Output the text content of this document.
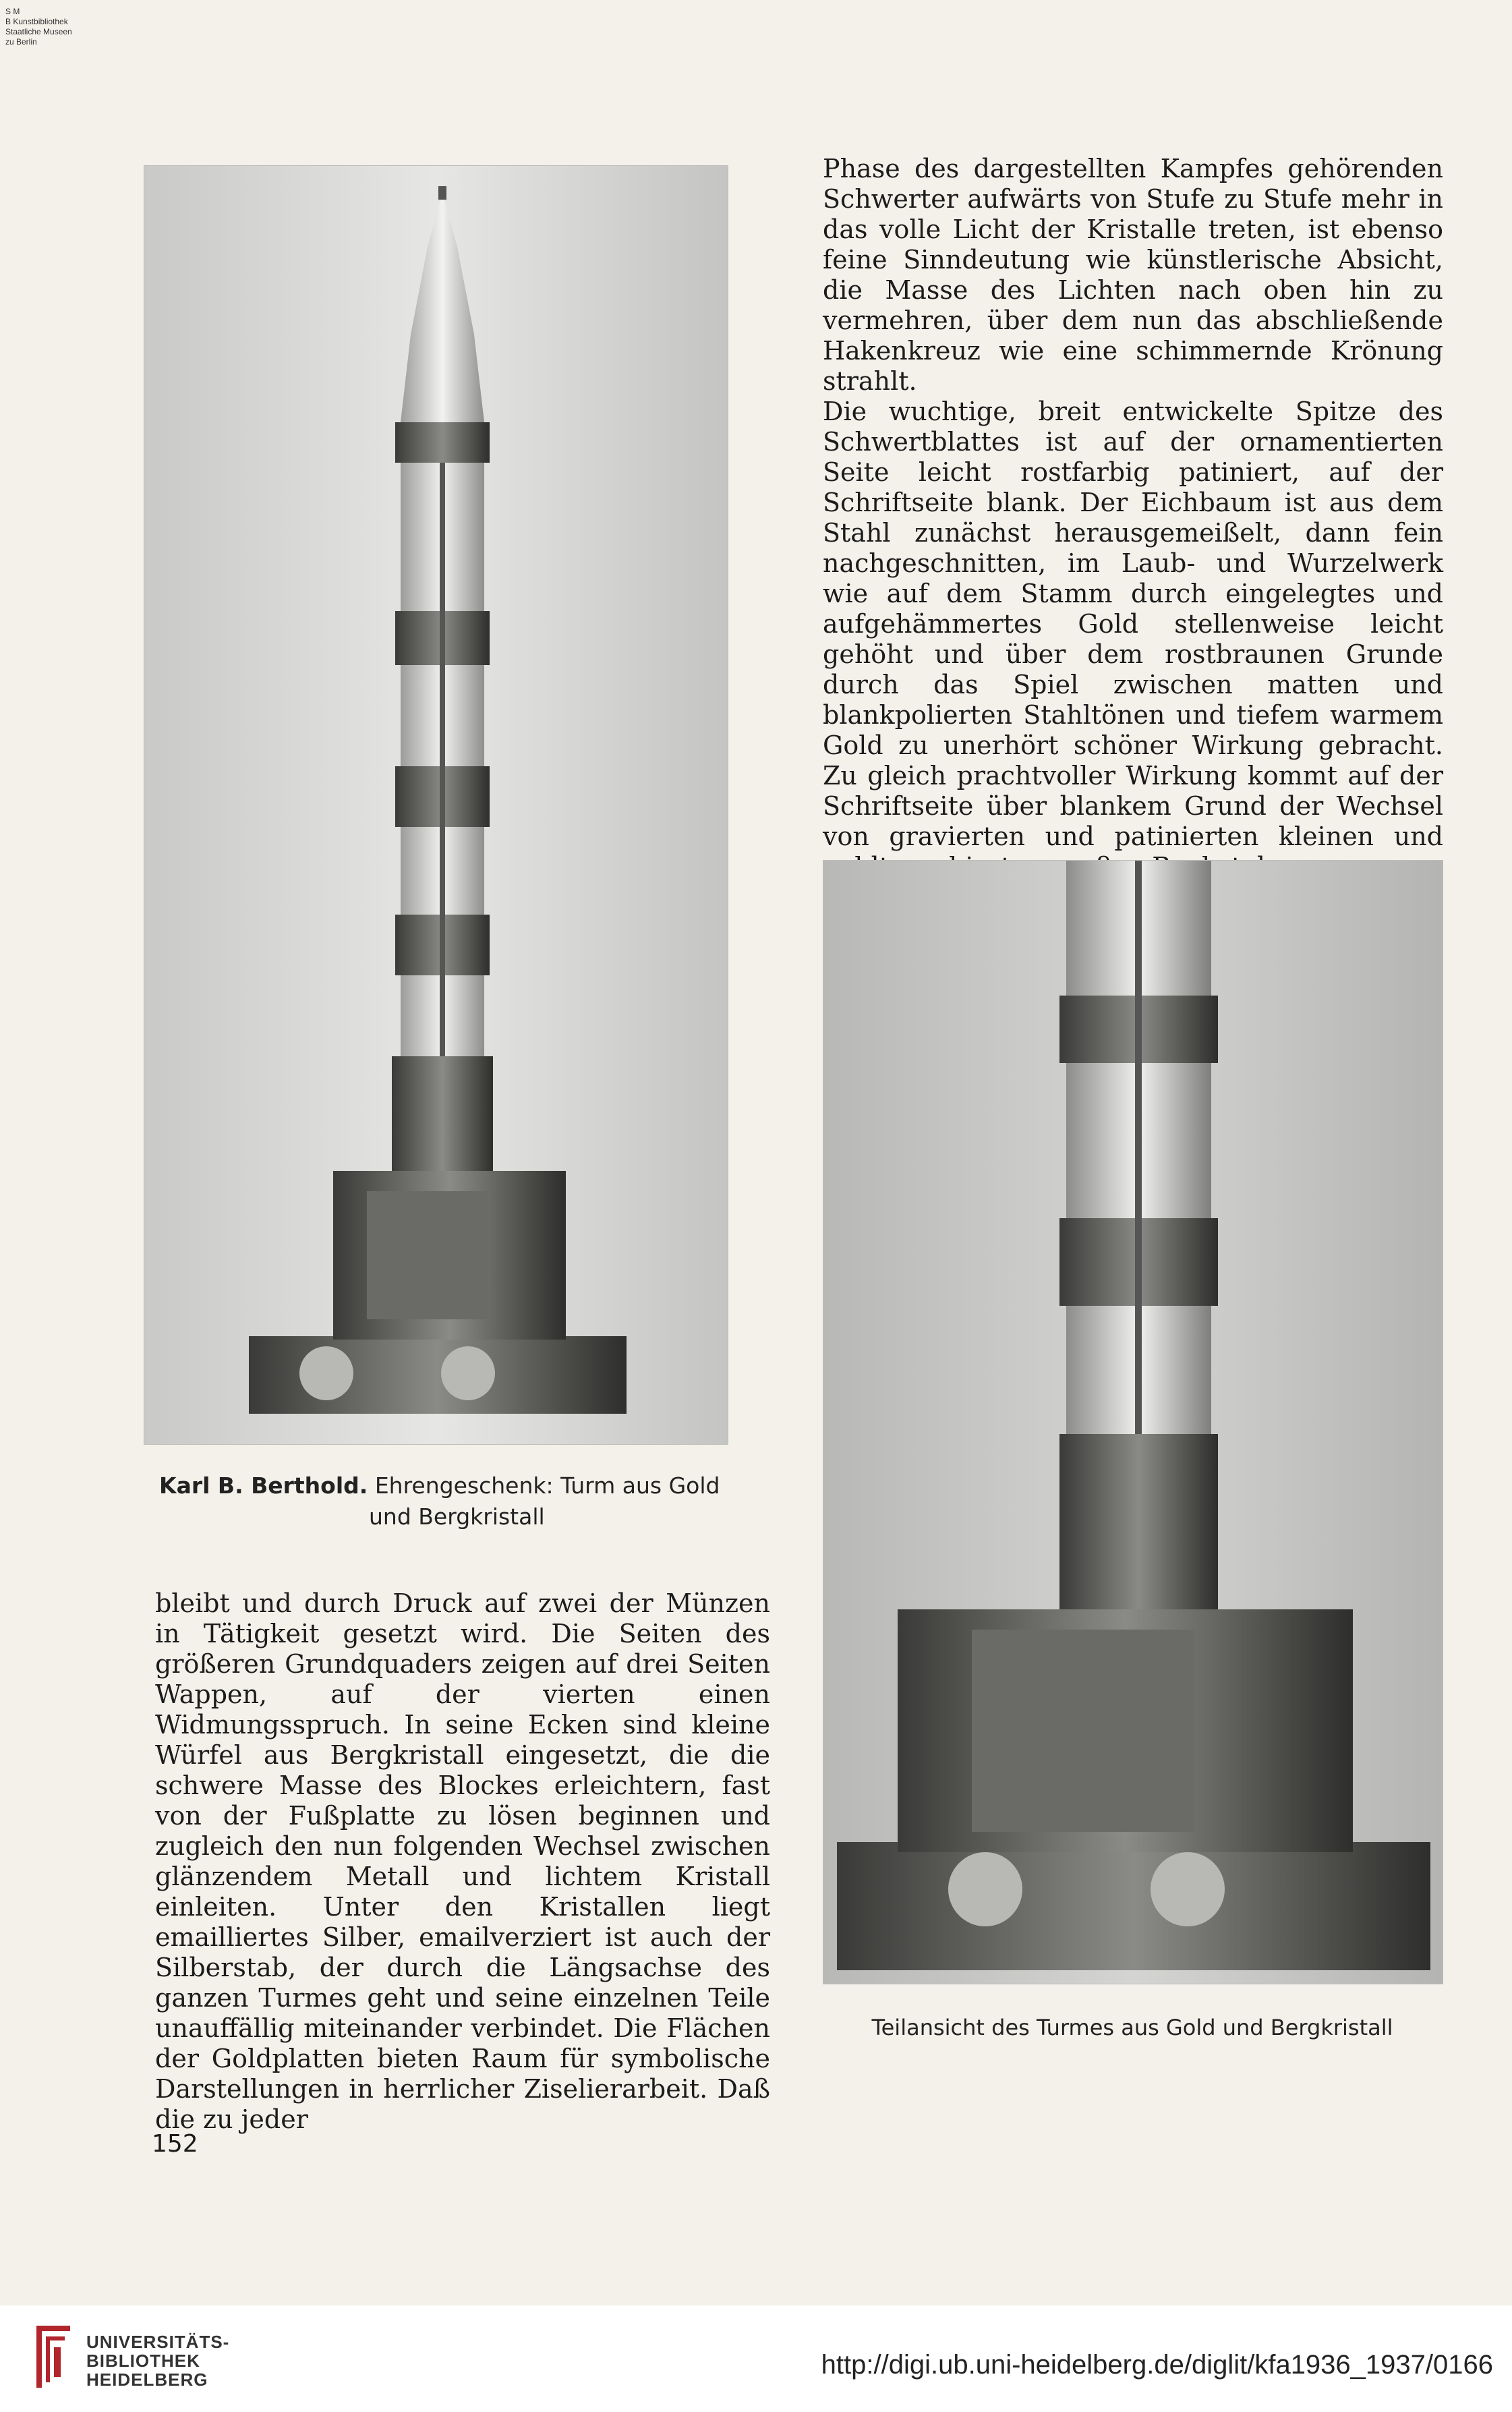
S M
B Kunstbibliothek
Staatliche Museen
zu Berlin

Phase des dargestellten Kampfes gehörenden Schwerter aufwärts von Stufe zu Stufe mehr in das volle Licht der Kristalle treten, ist ebenso feine Sinndeutung wie künstlerische Absicht, die Masse des Lichten nach oben hin zu vermehren, über dem nun das abschließende Hakenkreuz wie eine schimmernde Krönung strahlt.

Die wuchtige, breit entwickelte Spitze des Schwertblattes ist auf der ornamentierten Seite leicht rostfarbig patiniert, auf der Schriftseite blank. Der Eichbaum ist aus dem Stahl zunächst herausgemeißelt, dann fein nachgeschnitten, im Laub- und Wurzelwerk wie auf dem Stamm durch eingelegtes und aufgehämmertes Gold stellenweise leicht gehöht und über dem rostbraunen Grunde durch das Spiel zwischen matten und blankpolierten Stahltönen und tiefem warmem Gold zu unerhört schöner Wirkung gebracht. Zu gleich prachtvoller Wirkung kommt auf der Schriftseite über blankem Grund der Wechsel von gravierten und patinierten kleinen und

Karl B. Berthold. Ehrengeschenk: Turm aus Gold
und Bergkristall

bleibt und durch Druck auf zwei der Münzen in Tätigkeit gesetzt wird. Die Seiten des größeren Grundquaders zeigen auf drei Seiten Wappen, auf der vierten einen Widmungsspruch. In seine Ecken sind kleine Würfel aus Bergkristall eingesetzt, die die schwere Masse des Blockes erleichtern, fast von der Fußplatte zu lösen beginnen und zugleich den nun folgenden Wechsel zwischen glänzendem Metall und lichtem Kristall einleiten. Unter den Kristallen liegt emailliertes Silber, emailverziert ist auch der Silberstab, der durch die Längsachse des ganzen Turmes geht und seine einzelnen Teile unauffällig miteinander verbindet. Die Flächen der Goldplatten bieten Raum für symbolische Darstellungen in herrlicher Ziselierarbeit. Daß die zu jeder

Teilansicht des Turmes aus Gold und Bergkristall
152
UNIVERSITÄTS-
BIBLIOTHEK
HEIDELBERG	http://digi.ub.uni-heidelberg.de/diglit/kfa1936_1937/0166
